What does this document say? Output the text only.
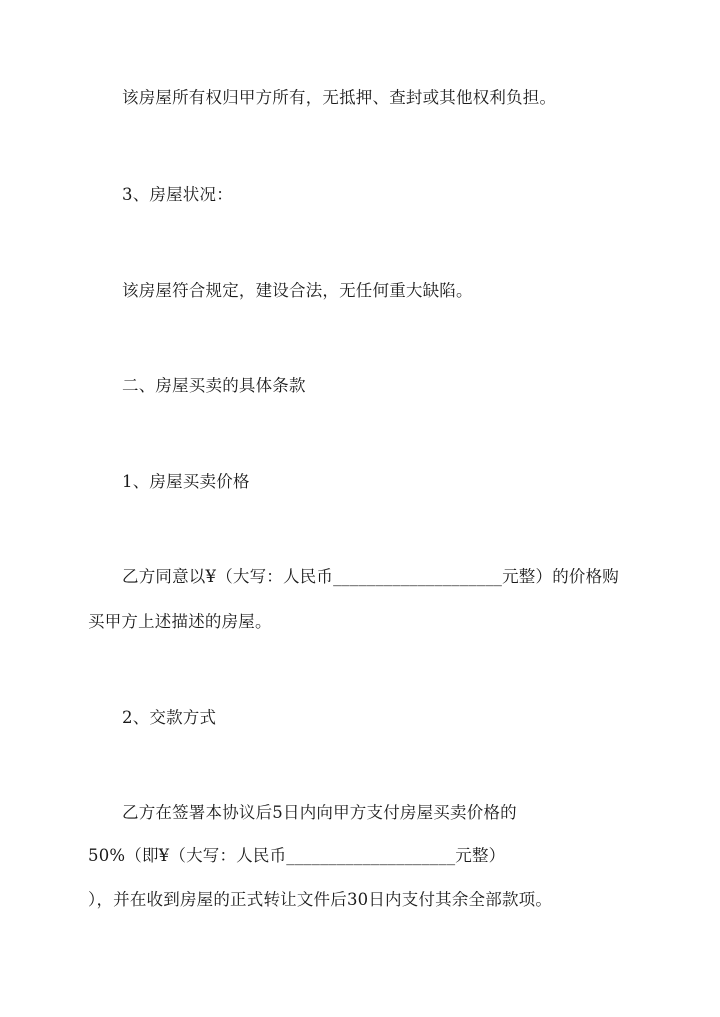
该房屋所有权归甲方所有，无抵押、查封或其他权利负担。
3、房屋状况：
该房屋符合规定，建设合法，无任何重大缺陷。
二、房屋买卖的具体条款
1、房屋买卖价格
乙方同意以¥（大写：人民币____________________元整）的价格购
买甲方上述描述的房屋。
2、交款方式
乙方在签署本协议后5日内向甲方支付房屋买卖价格的
50%（即¥（大写：人民币____________________元整）
），并在收到房屋的正式转让文件后30日内支付其余全部款项。
